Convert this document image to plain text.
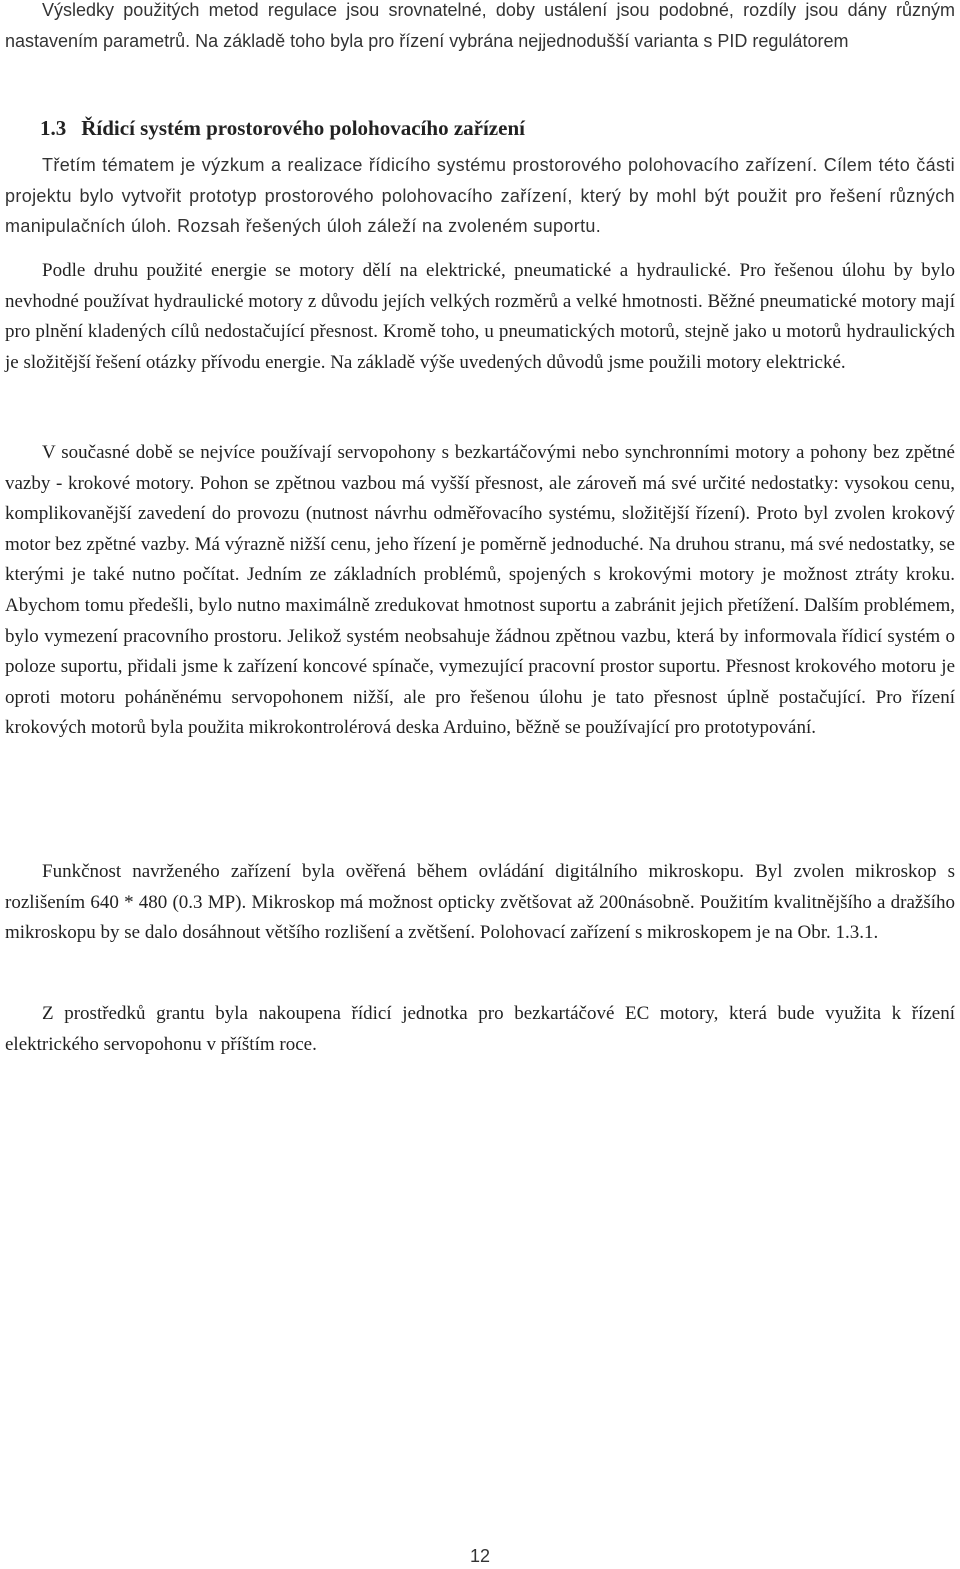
Výsledky použitých metod regulace jsou srovnatelné, doby ustálení jsou podobné, rozdíly jsou dány různým nastavením parametrů. Na základě toho byla pro řízení vybrána nejjednodušší varianta s PID regulátorem

1.3 Řídicí systém prostorového polohovacího zařízení

Třetím tématem je výzkum a realizace řídicího systému prostorového polohovacího zařízení. Cílem této části projektu bylo vytvořit prototyp prostorového polohovacího zařízení, který by mohl být použit pro řešení různých manipulačních úloh. Rozsah řešených úloh záleží na zvoleném suportu.

Podle druhu použité energie se motory dělí na elektrické, pneumatické a hydraulické. Pro řešenou úlohu by bylo nevhodné používat hydraulické motory z důvodu jejích velkých rozměrů a velké hmotnosti. Běžné pneumatické motory mají pro plnění kladených cílů nedostačující přesnost. Kromě toho, u pneumatických motorů, stejně jako u motorů hydraulických je složitější řešení otázky přívodu energie. Na základě výše uvedených důvodů jsme použili motory elektrické.

V současné době se nejvíce používají servopohony s bezkartáčovými nebo synchronními motory a pohony bez zpětné vazby - krokové motory. Pohon se zpětnou vazbou má vyšší přesnost, ale zároveň má své určité nedostatky: vysokou cenu, komplikovanější zavedení do provozu (nutnost návrhu odměřovacího systému, složitější řízení). Proto byl zvolen krokový motor bez zpětné vazby. Má výrazně nižší cenu, jeho řízení je poměrně jednoduché. Na druhou stranu, má své nedostatky, se kterými je také nutno počítat. Jedním ze základních problémů, spojených s krokovými motory je možnost ztráty kroku. Abychom tomu předešli, bylo nutno maximálně zredukovat hmotnost suportu a zabránit jejich přetížení. Dalším problémem, bylo vymezení pracovního prostoru. Jelikož systém neobsahuje žádnou zpětnou vazbu, která by informovala řídicí systém o poloze suportu, přidali jsme k zařízení koncové spínače, vymezující pracovní prostor suportu. Přesnost krokového motoru je oproti motoru poháněnému servopohonem nižší, ale pro řešenou úlohu je tato přesnost úplně postačující. Pro řízení krokových motorů byla použita mikrokontrolérová deska Arduino, běžně se používající pro prototypování.

Funkčnost navrženého zařízení byla ověřená během ovládání digitálního mikroskopu. Byl zvolen mikroskop s rozlišením 640 * 480 (0.3 MP). Mikroskop má možnost opticky zvětšovat až 200násobně. Použitím kvalitnějšího a dražšího mikroskopu by se dalo dosáhnout většího rozlišení a zvětšení. Polohovací zařízení s mikroskopem je na Obr. 1.3.1.

Z prostředků grantu byla nakoupena řídicí jednotka pro bezkartáčové EC motory, která bude využita k řízení elektrického servopohonu v příštím roce.

12
